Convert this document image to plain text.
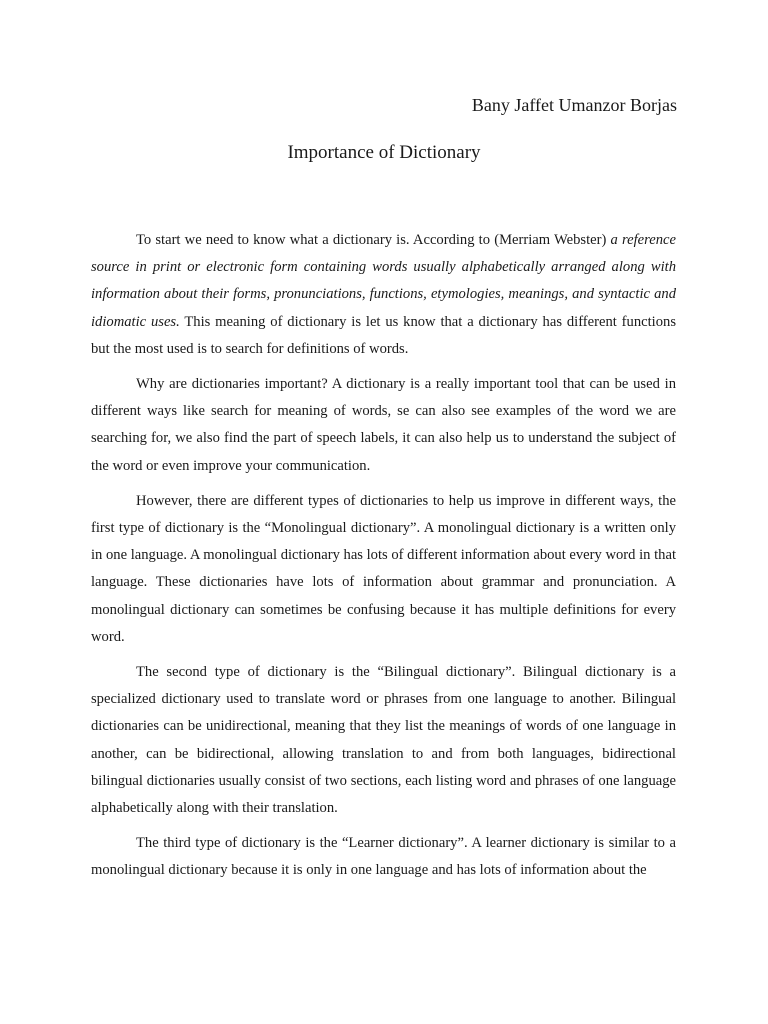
Bany Jaffet Umanzor Borjas
Importance of Dictionary

To start we need to know what a dictionary is. According to (Merriam Webster) a reference source in print or electronic form containing words usually alphabetically arranged along with information about their forms, pronunciations, functions, etymologies, meanings, and syntactic and idiomatic uses. This meaning of dictionary is let us know that a dictionary has different functions but the most used is to search for definitions of words.

Why are dictionaries important? A dictionary is a really important tool that can be used in different ways like search for meaning of words, se can also see examples of the word we are searching for, we also find the part of speech labels, it can also help us to understand the subject of the word or even improve your communication.

However, there are different types of dictionaries to help us improve in different ways, the first type of dictionary is the “Monolingual dictionary”. A monolingual dictionary is a written only in one language. A monolingual dictionary has lots of different information about every word in that language. These dictionaries have lots of information about grammar and pronunciation. A monolingual dictionary can sometimes be confusing because it has multiple definitions for every word.

The second type of dictionary is the “Bilingual dictionary”. Bilingual dictionary is a specialized dictionary used to translate word or phrases from one language to another. Bilingual dictionaries can be unidirectional, meaning that they list the meanings of words of one language in another, can be bidirectional, allowing translation to and from both languages, bidirectional bilingual dictionaries usually consist of two sections, each listing word and phrases of one language alphabetically along with their translation.

The third type of dictionary is the “Learner dictionary”. A learner dictionary is similar to a monolingual dictionary because it is only in one language and has lots of information about the
